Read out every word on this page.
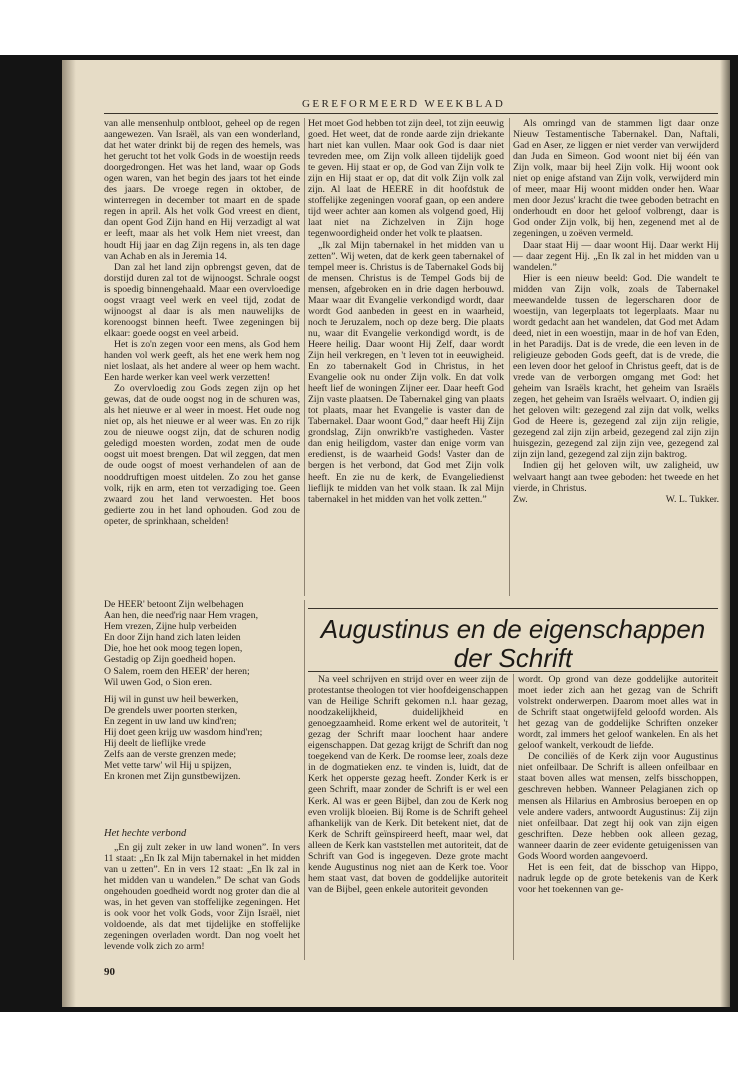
GEREFORMEERD WEEKBLAD

van alle mensenhulp ontbloot, geheel op de regen aangewezen. Van Israël, als van een wonderland, dat het water drinkt bij de regen des hemels, was het gerucht tot het volk Gods in de woestijn reeds doorgedrongen. Het was het land, waar op Gods ogen waren, van het begin des jaars tot het einde des jaars. De vroege regen in oktober, de winterregen in december tot maart en de spade regen in april. Als het volk God vreest en dient, dan opent God Zijn hand en Hij verzadigt al wat er leeft, maar als het volk Hem niet vreest, dan houdt Hij jaar en dag Zijn regens in, als ten dage van Achab en als in Jeremia 14.

Dan zal het land zijn opbrengst geven, dat de dorstijd duren zal tot de wijnoogst. Schrale oogst is spoedig binnengehaald. Maar een overvloedige oogst vraagt veel werk en veel tijd, zodat de wijnoogst al daar is als men nauwelijks de korenoogst binnen heeft. Twee zegeningen bij elkaar: goede oogst en veel arbeid.

Het is zo'n zegen voor een mens, als God hem handen vol werk geeft, als het ene werk hem nog niet loslaat, als het andere al weer op hem wacht. Een harde werker kan veel werk verzetten!

Zo overvloedig zou Gods zegen zijn op het gewas, dat de oude oogst nog in de schuren was, als het nieuwe er al weer in moest. Het oude nog niet op, als het nieuwe er al weer was. En zo rijk zou de nieuwe oogst zijn, dat de schuren nodig geledigd moesten worden, zodat men de oude oogst uit moest brengen. Dat wil zeggen, dat men de oude oogst of moest verhandelen of aan de nooddruftigen moest uitdelen. Zo zou het ganse volk, rijk en arm, eten tot verzadiging toe. Geen zwaard zou het land verwoesten. Het boos gedierte zou in het land ophouden. God zou de opeter, de sprinkhaan, schelden!

De HEER' betoont Zijn welbehagen
Aan hen, die need'rig naar Hem vragen,
Hem vrezen, Zijne hulp verbeiden
En door Zijn hand zich laten leiden
Die, hoe het ook moog tegen lopen,
Gestadig op Zijn goedheid hopen.
O Salem, roem den HEER' der heren;
Wil uwen God, o Sion eren.
Hij wil in gunst uw heil bewerken,
De grendels uwer poorten sterken,
En zegent in uw land uw kind'ren;
Hij doet geen krijg uw wasdom hind'ren;
Hij deelt de lieflijke vrede
Zelfs aan de verste grenzen mede;
Met vette tarw' wil Hij u spijzen,
En kronen met Zijn gunstbewijzen.
Het hechte verbond

„En gij zult zeker in uw land wonen”. In vers 11 staat: „En Ik zal Mijn tabernakel in het midden van u zetten”. En in vers 12 staat: „En Ik zal in het midden van u wandelen.” De schat van Gods ongehouden goedheid wordt nog groter dan die al was, in het geven van stoffelijke zegeningen. Het is ook voor het volk Gods, voor Zijn Israël, niet voldoende, als dat met tijdelijke en stoffelijke zegeningen overladen wordt. Dan nog voelt het levende volk zich zo arm!

Het moet God hebben tot zijn deel, tot zijn eeuwig goed. Het weet, dat de ronde aarde zijn driekante hart niet kan vullen. Maar ook God is daar niet tevreden mee, om Zijn volk alleen tijdelijk goed te geven. Hij staat er op, de God van Zijn volk te zijn en Hij staat er op, dat dit volk Zijn volk zal zijn. Al laat de HEERE in dit hoofdstuk de stoffelijke zegeningen vooraf gaan, op een andere tijd weer achter aan komen als volgend goed, Hij laat niet na Zichzelven in Zijn hoge tegenwoordigheid onder het volk te plaatsen.

„Ik zal Mijn tabernakel in het midden van u zetten”. Wij weten, dat de kerk geen tabernakel of tempel meer is. Christus is de Tabernakel Gods bij de mensen. Christus is de Tempel Gods bij de mensen, afgebroken en in drie dagen herbouwd. Maar waar dit Evangelie verkondigd wordt, daar wordt God aanbeden in geest en in waarheid, noch te Jeruzalem, noch op deze berg. Die plaats nu, waar dit Evangelie verkondigd wordt, is de Heere heilig. Daar woont Hij Zelf, daar wordt Zijn heil verkregen, en 't leven tot in eeuwigheid. En zo tabernakelt God in Christus, in het Evangelie ook nu onder Zijn volk. En dat volk heeft lief de woningen Zijner eer. Daar heeft God Zijn vaste plaatsen. De Tabernakel ging van plaats tot plaats, maar het Evangelie is vaster dan de Tabernakel. Daar woont God,” daar heeft Hij Zijn grondslag, Zijn onwrikb're vastigheden. Vaster dan enig heiligdom, vaster dan enige vorm van eredienst, is de waarheid Gods! Vaster dan de bergen is het verbond, dat God met Zijn volk heeft. En zie nu de kerk, de Evangeliedienst lieflijk te midden van het volk staan. Ik zal Mijn tabernakel in het midden van het volk zetten.”

Als omringd van de stammen ligt daar onze Nieuw Testamentische Tabernakel. Dan, Naftali, Gad en Aser, ze liggen er niet verder van verwijderd dan Juda en Simeon. God woont niet bij één van Zijn volk, maar bij heel Zijn volk. Hij woont ook niet op enige afstand van Zijn volk, verwijderd min of meer, maar Hij woont midden onder hen. Waar men door Jezus' kracht die twee geboden betracht en onderhoudt en door het geloof volbrengt, daar is God onder Zijn volk, bij hen, zegenend met al de zegeningen, u zoëven vermeld.

Daar staat Hij — daar woont Hij. Daar werkt Hij — daar zegent Hij. „En Ik zal in het midden van u wandelen.”

Hier is een nieuw beeld: God. Die wandelt te midden van Zijn volk, zoals de Tabernakel meewandelde tussen de legerscharen door de woestijn, van legerplaats tot legerplaats. Maar nu wordt gedacht aan het wandelen, dat God met Adam deed, niet in een woestijn, maar in de hof van Eden, in het Paradijs. Dat is de vrede, die een leven in de religieuze geboden Gods geeft, dat is de vrede, die een leven door het geloof in Christus geeft, dat is de vrede van de verborgen omgang met God: het geheim van Israëls kracht, het geheim van Israëls zegen, het geheim van Israëls welvaart. O, indien gij het geloven wilt: gezegend zal zijn dat volk, welks God de Heere is, gezegend zal zijn zijn religie, gezegend zal zijn zijn arbeid, gezegend zal zijn zijn huisgezin, gezegend zal zijn zijn vee, gezegend zal zijn zijn land, gezegend zal zijn zijn baktrog.

Indien gij het geloven wilt, uw zaligheid, uw welvaart hangt aan twee geboden: het tweede en het vierde, in Christus.

Zw.	W. L. Tukker.
Augustinus en de eigenschappen der Schrift

Na veel schrijven en strijd over en weer zijn de protestantse theologen tot vier hoofdeigenschappen van de Heilige Schrift gekomen n.l. haar gezag, noodzakelijkheid, duidelijkheid en genoegzaamheid. Rome erkent wel de autoriteit, 't gezag der Schrift maar loochent haar andere eigenschappen. Dat gezag krijgt de Schrift dan nog toegekend van de Kerk. De roomse leer, zoals deze in de dogmatieken enz. te vinden is, luidt, dat de Kerk het opperste gezag heeft. Zonder Kerk is er geen Schrift, maar zonder de Schrift is er wel een Kerk. Al was er geen Bijbel, dan zou de Kerk nog even vrolijk bloeien. Bij Rome is de Schrift geheel afhankelijk van de Kerk. Dit betekent niet, dat de Kerk de Schrift geïnspireerd heeft, maar wel, dat alleen de Kerk kan vaststellen met autoriteit, dat de Schrift van God is ingegeven. Deze grote macht kende Augustinus nog niet aan de Kerk toe. Voor hem staat vast, dat boven de goddelijke autoriteit van de Bijbel, geen enkele autoriteit gevonden

wordt. Op grond van deze goddelijke autoriteit moet ieder zich aan het gezag van de Schrift volstrekt onderwerpen. Daarom moet alles wat in de Schrift staat ongetwijfeld geloofd worden. Als het gezag van de goddelijke Schriften onzeker wordt, zal immers het geloof wankelen. En als het geloof wankelt, verkoudt de liefde.

De conciliës of de Kerk zijn voor Augustinus niet onfeilbaar. De Schrift is alleen onfeilbaar en staat boven alles wat mensen, zelfs bisschoppen, geschreven hebben. Wanneer Pelagianen zich op mensen als Hilarius en Ambrosius beroepen en op vele andere vaders, antwoordt Augustinus: Zij zijn niet onfeilbaar. Dat zegt hij ook van zijn eigen geschriften. Deze hebben ook alleen gezag, wanneer daarin de zeer evidente getuigenissen van Gods Woord worden aangevoerd.

Het is een feit, dat de bisschop van Hippo, nadruk legde op de grote betekenis van de Kerk voor het toekennen van ge-

90
